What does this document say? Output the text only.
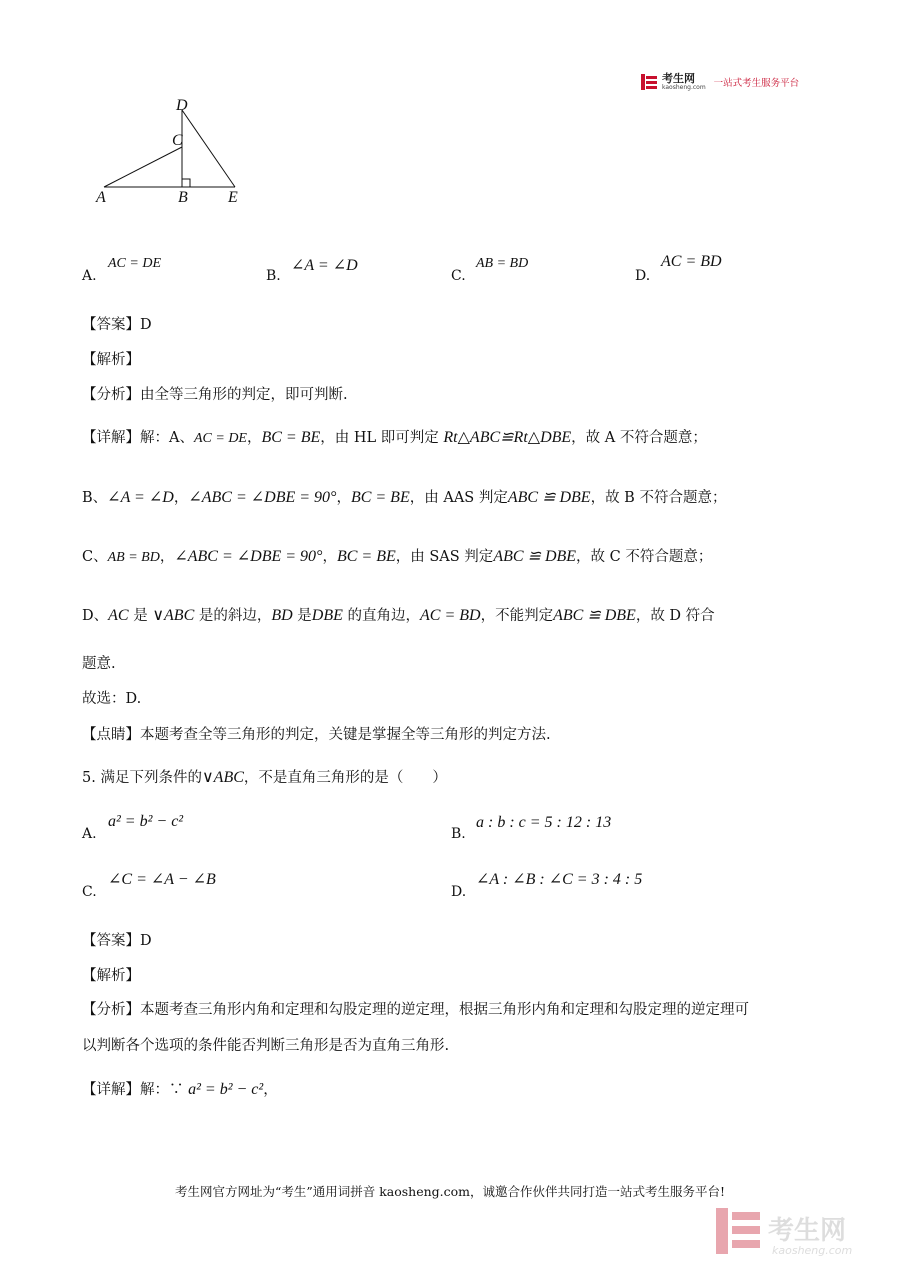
考生网
kaosheng.com 一站式考生服务平台
D
C
A	B	E
A.
AC = DE
B.
∠A = ∠D
C.
AB = BD
D.
AC = BD
【答案】D
【解析】
【分析】由全等三角形的判定，即可判断.
【详解】解：A、AC = DE，BC = BE，由 HL 即可判定 Rt△ABC≌Rt△DBE，故 A 不符合题意；
B、∠A = ∠D，∠ABC = ∠DBE = 90°，BC = BE，由 AAS 判定ABC ≌ DBE，故 B 不符合题意；
C、AB = BD，∠ABC = ∠DBE = 90°，BC = BE，由 SAS 判定ABC ≌ DBE，故 C 不符合题意；
D、AC 是 ∨ABC 是的斜边，BD 是DBE 的直角边，AC = BD，不能判定ABC ≌ DBE，故 D 符合
题意.
故选：D.
【点睛】本题考查全等三角形的判定，关键是掌握全等三角形的判定方法.
5. 满足下列条件的∨ABC，不是直角三角形的是（　　）
A.
a² = b² − c²
B.
a : b : c = 5 : 12 : 13
C.
∠C = ∠A − ∠B
D.
∠A : ∠B : ∠C = 3 : 4 : 5
【答案】D
【解析】
【分析】本题考查三角形内角和定理和勾股定理的逆定理，根据三角形内角和定理和勾股定理的逆定理可
以判断各个选项的条件能否判断三角形是否为直角三角形.
【详解】解：∵ a² = b² − c²，
考生网官方网址为“考生”通用词拼音 kaosheng.com，诚邀合作伙伴共同打造一站式考生服务平台!
考生网
kaosheng.com
